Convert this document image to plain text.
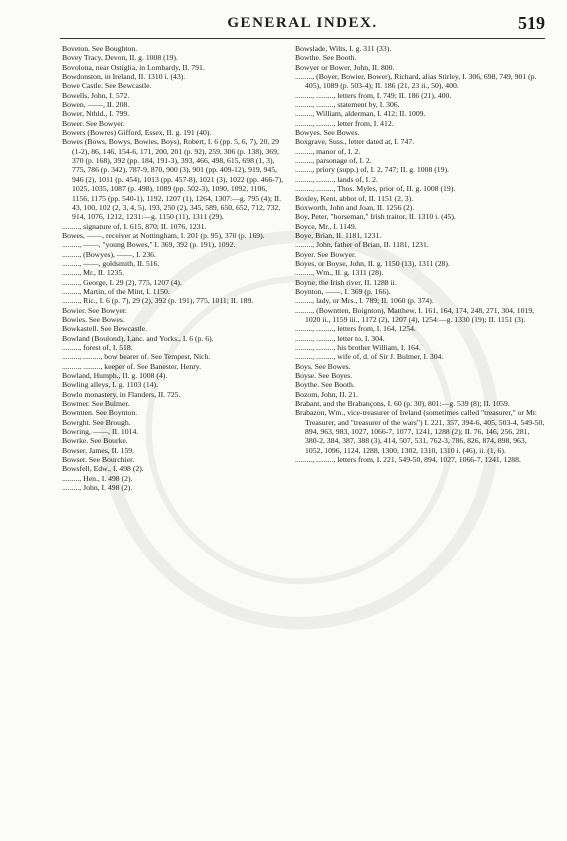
GENERAL INDEX.	519

Boveton. See Boughton.

Bovey Tracy, Devon, II. g. 1008 (19).

Bovolona, near Ostiglia, in Lombardy, II. 791.

Bowdonston, in Ireland, II. 1310 i. (43).

Bowe Castle. See Bewcastle.

Bowells, John, I. 572.

Bowen, ——, II. 208.

Bower, Nthld., I. 799.

Bower. See Bowyer.

Bowers (Bowres) Gifford, Essex, II. g. 191 (40).

Bowes (Bows, Bowys, Bowies, Boys), Robert, I. 6 (pp. 5, 6, 7), 20, 29 (1-2), 86, 146, 154-6, 171, 200, 201 (p. 92), 259, 306 (p. 138), 369, 370 (p. 168), 392 (pp. 184, 191-3), 393, 466, 498, 615, 698 (1, 3), 775, 786 (p. 342), 787-9, 870, 900 (3), 901 (pp. 409-12), 919, 945, 946 (2), 1011 (p. 454), 1013 (pp. 457-8), 1021 (3), 1022 (pp. 466-7), 1025, 1035, 1087 (p. 498), 1089 (pp. 502-3), 1090, 1092, 1106, 1156, 1175 (pp. 540-1), 1192, 1207 (1), 1264, 1307:—g. 795 (4); II. 43, 100, 102 (2, 3, 4, 5), 193, 250 (2), 345, 589, 650, 652, 712, 732, 914, 1076, 1212, 1231:—g. 1150 (11), 1311 (29).

........., signature of, I. 615, 870; II. 1076, 1231.

Bowes, ——, receiver at Nottingham, I. 201 (p. 95), 370 (p. 169).

........., ——, "young Bowes," I. 369, 392 (p. 191), 1092.

........., (Bowyes), ——, I. 236.

........., ——, goldsmith, II. 516.

........., Mr., II. 1235.

........., George, I. 29 (2), 775, 1207 (4).

........., Martin, of the Mint, I. 1150.

........., Ric., I. 6 (p. 7), 29 (2), 392 (p. 191), 775, 1011; II. 189.

Bowier. See Bowyer.

Bowies. See Bowes.

Bowkastell. See Bewcastle.

Bowland (Boulond), Lanc. and Yorks., I. 6 (p. 6).

........., forest of, I. 518.

........., ........., bow bearer of. See Tempest, Nich.

........., ........., keeper of. See Banester, Henry.

Bowland, Humph., II. g. 1008 (4).

Bowling alleys, I. g. 1103 (14).

Bowlo monastery, in Flanders, II. 725.

Bowmer. See Bulmer.

Bowntten. See Boynton.

Bowrght. See Brough.

Bowring, ——, II. 1014.

Bowrke. See Bourke.

Bowser, James, II. 159.

Bowser. See Bourchier.

Bowsfell, Edw., I. 498 (2).

........., Hen., I. 498 (2).

........., John, I. 498 (2).

Bowslade, Wilts, I. g. 311 (33).

Bowthe. See Booth.

Bowyer or Bower, John, II. 800.

........., (Boyer, Bowier, Bower), Richard, alias Stirley, I. 306, 698, 749, 901 (p. 405), 1089 (p. 503-4); II. 186 (21, 23 ii., 50), 400.

........., ........., letters from, I. 749; II. 186 (21), 400.

........., ........., statement by, I. 306.

........., William, alderman, I. 412; II. 1009.

........., ........., letter from, I. 412.

Bowyes. See Bowes.

Boxgrave, Suss., letter dated at, I. 747.

........., manor of, I. 2.

........., parsonage of, I. 2.

........., priory (supp.) of, I. 2, 747; II. g. 1008 (19).

........., ........., lands of, I. 2.

........., ........., Thos. Myles, prior of, II. g. 1008 (19).

Boxley, Kent, abbot of, II. 1151 (2, 3).

Boxworth, John and Joan, II. 1256 (2).

Boy, Peter, "horseman," Irish traitor, II. 1310 i. (45).

Boyce, Mr., I. 1149.

Boye, Brian, II. 1181, 1231.

........., John, father of Brian, II. 1181, 1231.

Boyer. See Bowyer.

Boyes, or Boyse, John, II. g. 1150 (13), 1311 (28).

........., Wm., II. g. 1311 (28).

Boyne, the Irish river, II. 1288 ii.

Boynton, ——, I. 369 (p. 166).

........., lady, or Mrs., I. 789; II. 1060 (p. 374).

........., (Bowntten, Boignton), Matthew, I. 161, 164, 174, 248, 271, 304, 1019, 1020 ii., 1159 iii., 1172 (2), 1207 (4), 1254:—g. 1330 (19); II. 1151 (3).

........., ........., letters from, I. 164, 1254.

........., ........., letter to, I. 304.

........., ........., his brother William, I. 164.

........., ........., wife of, d. of Sir J. Bulmer, I. 304.

Boys. See Bowes.

Boyse. See Boyes.

Boythe. See Booth.

Bozom, John, II. 21.

Brabant, and the Brabançons, I. 60 (p. 30), 801:—g. 539 (8); II. 1059.

Brabazon, Wm., vice-treasurer of Ireland (sometimes called "treasurer," or Mr. Treasurer, and "treasurer of the wars") I. 221, 357, 394-6, 405, 503-4, 549-50, 894, 963, 983, 1027, 1066-7, 1077, 1241, 1288 (2); II. 76, 146, 256, 281, 380-2, 384, 387, 388 (3), 414, 507, 531, 762-3, 786, 826, 874, 898, 963, 1052, 1096, 1124, 1288, 1300, 1302, 1310, 1310 i. (46), ii. (1, 6).

........., ........., letters from, I. 221, 549-50, 894, 1027, 1066-7, 1241, 1288.
